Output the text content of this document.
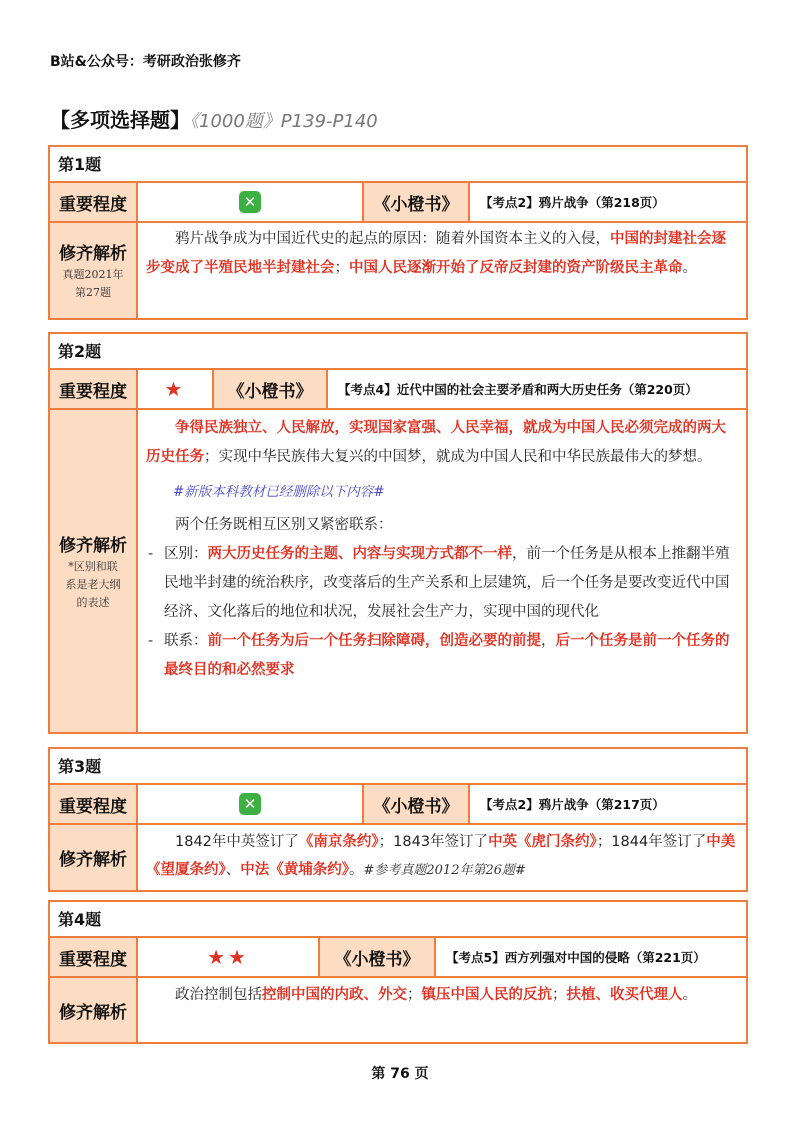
B站&公众号：考研政治张修齐
【多项选择题】《1000题》P139-P140
第1题
重要程度	✕	《小橙书》	【考点2】鸦片战争（第218页）
修齐解析
真题2021年
第27题

鸦片战争成为中国近代史的起点的原因：随着外国资本主义的入侵，中国的封建社会逐步变成了半殖民地半封建社会；中国人民逐渐开始了反帝反封建的资产阶级民主革命。

第2题
重要程度	★	《小橙书》	【考点4】近代中国的社会主要矛盾和两大历史任务（第220页）
修齐解析
*区别和联
系是老大纲
的表述

争得民族独立、人民解放，实现国家富强、人民幸福，就成为中国人民必须完成的两大历史任务；实现中华民族伟大复兴的中国梦，就成为中国人民和中华民族最伟大的梦想。

#新版本科教材已经删除以下内容#

两个任务既相互区别又紧密联系：

- 区别：两大历史任务的主题、内容与实现方式都不一样，前一个任务是从根本上推翻半殖民地半封建的统治秩序，改变落后的生产关系和上层建筑，后一个任务是要改变近代中国经济、文化落后的地位和状况，发展社会生产力，实现中国的现代化

- 联系：前一个任务为后一个任务扫除障碍，创造必要的前提，后一个任务是前一个任务的最终目的和必然要求

第3题
重要程度	✕	《小橙书》	【考点2】鸦片战争（第217页）
修齐解析

1842年中英签订了《南京条约》；1843年签订了中英《虎门条约》；1844年签订了中美《望厦条约》、中法《黄埔条约》。#参考真题2012年第26题#

第4题
重要程度	★★	《小橙书》	【考点5】西方列强对中国的侵略（第221页）
修齐解析

政治控制包括控制中国的内政、外交；镇压中国人民的反抗；扶植、收买代理人。

第 76 页
